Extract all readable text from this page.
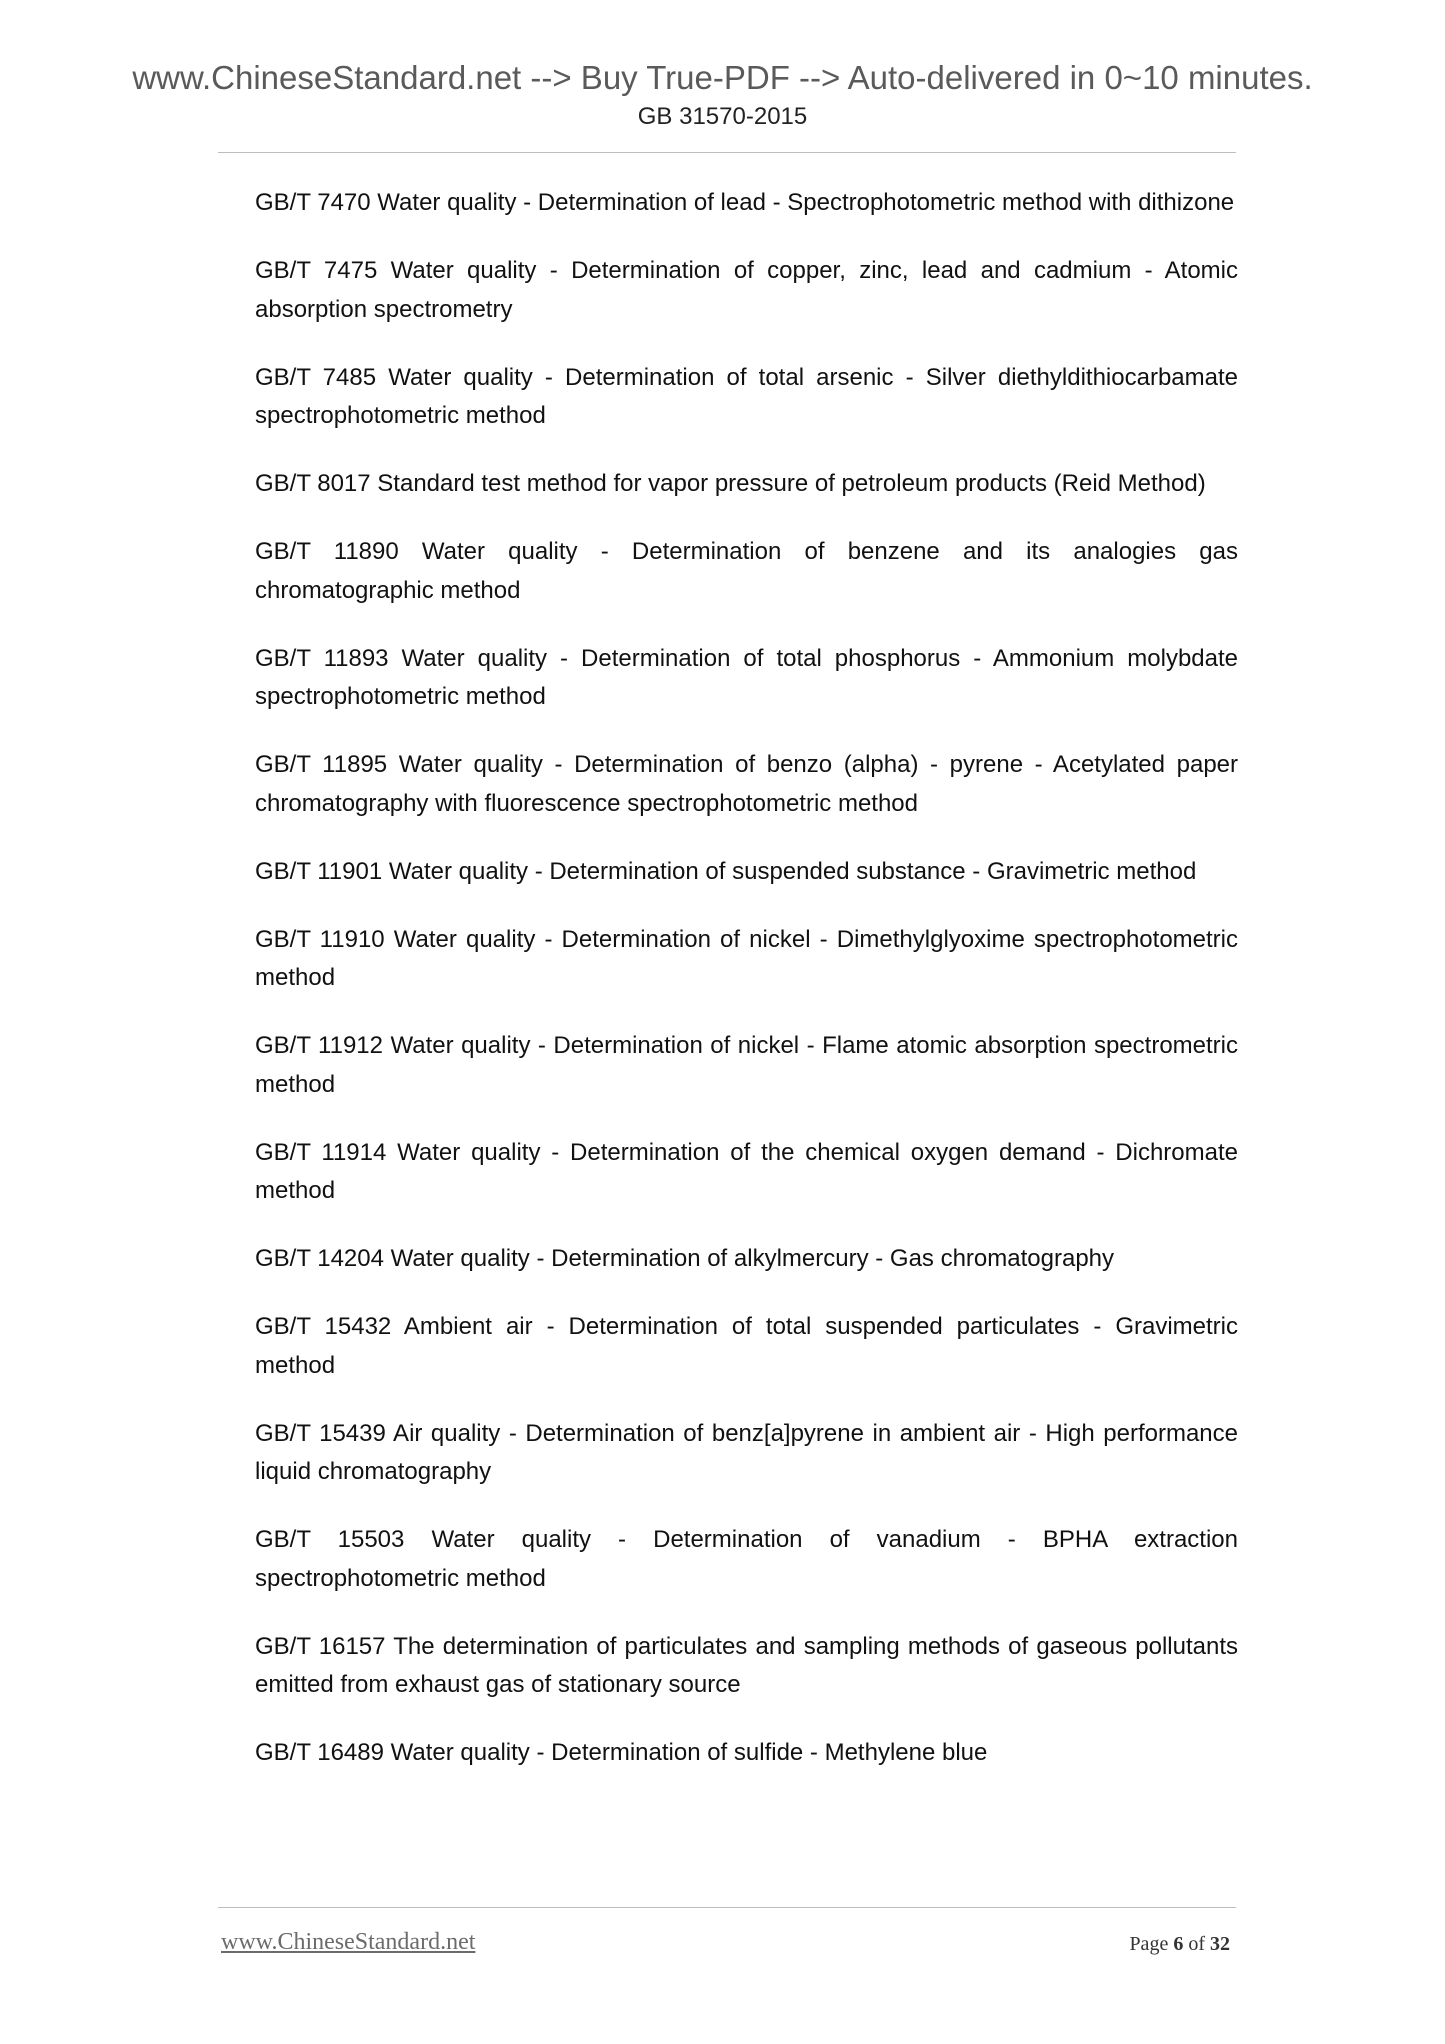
www.ChineseStandard.net --> Buy True-PDF --> Auto-delivered in 0~10 minutes.
GB 31570-2015

GB/T 7470 Water quality - Determination of lead - Spectrophotometric method with dithizone

GB/T 7475 Water quality - Determination of copper, zinc, lead and cadmium - Atomic absorption spectrometry

GB/T 7485 Water quality - Determination of total arsenic - Silver diethyldithiocarbamate spectrophotometric method

GB/T 8017 Standard test method for vapor pressure of petroleum products (Reid Method)

GB/T 11890 Water quality - Determination of benzene and its analogies gas chromatographic method

GB/T 11893 Water quality - Determination of total phosphorus - Ammonium molybdate spectrophotometric method

GB/T 11895 Water quality - Determination of benzo (alpha) - pyrene - Acetylated paper chromatography with fluorescence spectrophotometric method

GB/T 11901 Water quality - Determination of suspended substance - Gravimetric method

GB/T 11910 Water quality - Determination of nickel - Dimethylglyoxime spectrophotometric method

GB/T 11912 Water quality - Determination of nickel - Flame atomic absorption spectrometric method

GB/T 11914 Water quality - Determination of the chemical oxygen demand - Dichromate method

GB/T 14204 Water quality - Determination of alkylmercury - Gas chromatography

GB/T 15432 Ambient air - Determination of total suspended particulates - Gravimetric method

GB/T 15439 Air quality - Determination of benz[a]pyrene in ambient air - High performance liquid chromatography

GB/T 15503 Water quality - Determination of vanadium - BPHA extraction spectrophotometric method

GB/T 16157 The determination of particulates and sampling methods of gaseous pollutants emitted from exhaust gas of stationary source

GB/T 16489 Water quality - Determination of sulfide - Methylene blue

www.ChineseStandard.net	Page 6 of 32
